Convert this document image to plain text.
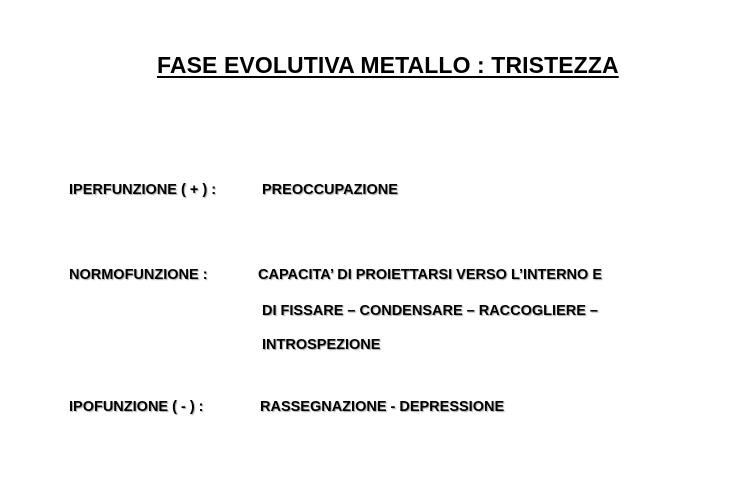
FASE EVOLUTIVA METALLO : TRISTEZZA
IPERFUNZIONE ( + ) :	PREOCCUPAZIONE
NORMOFUNZIONE :	CAPACITA’ DI PROIETTARSI VERSO L’INTERNO E
DI FISSARE – CONDENSARE – RACCOGLIERE –
INTROSPEZIONE
IPOFUNZIONE ( - ) :	RASSEGNAZIONE - DEPRESSIONE
